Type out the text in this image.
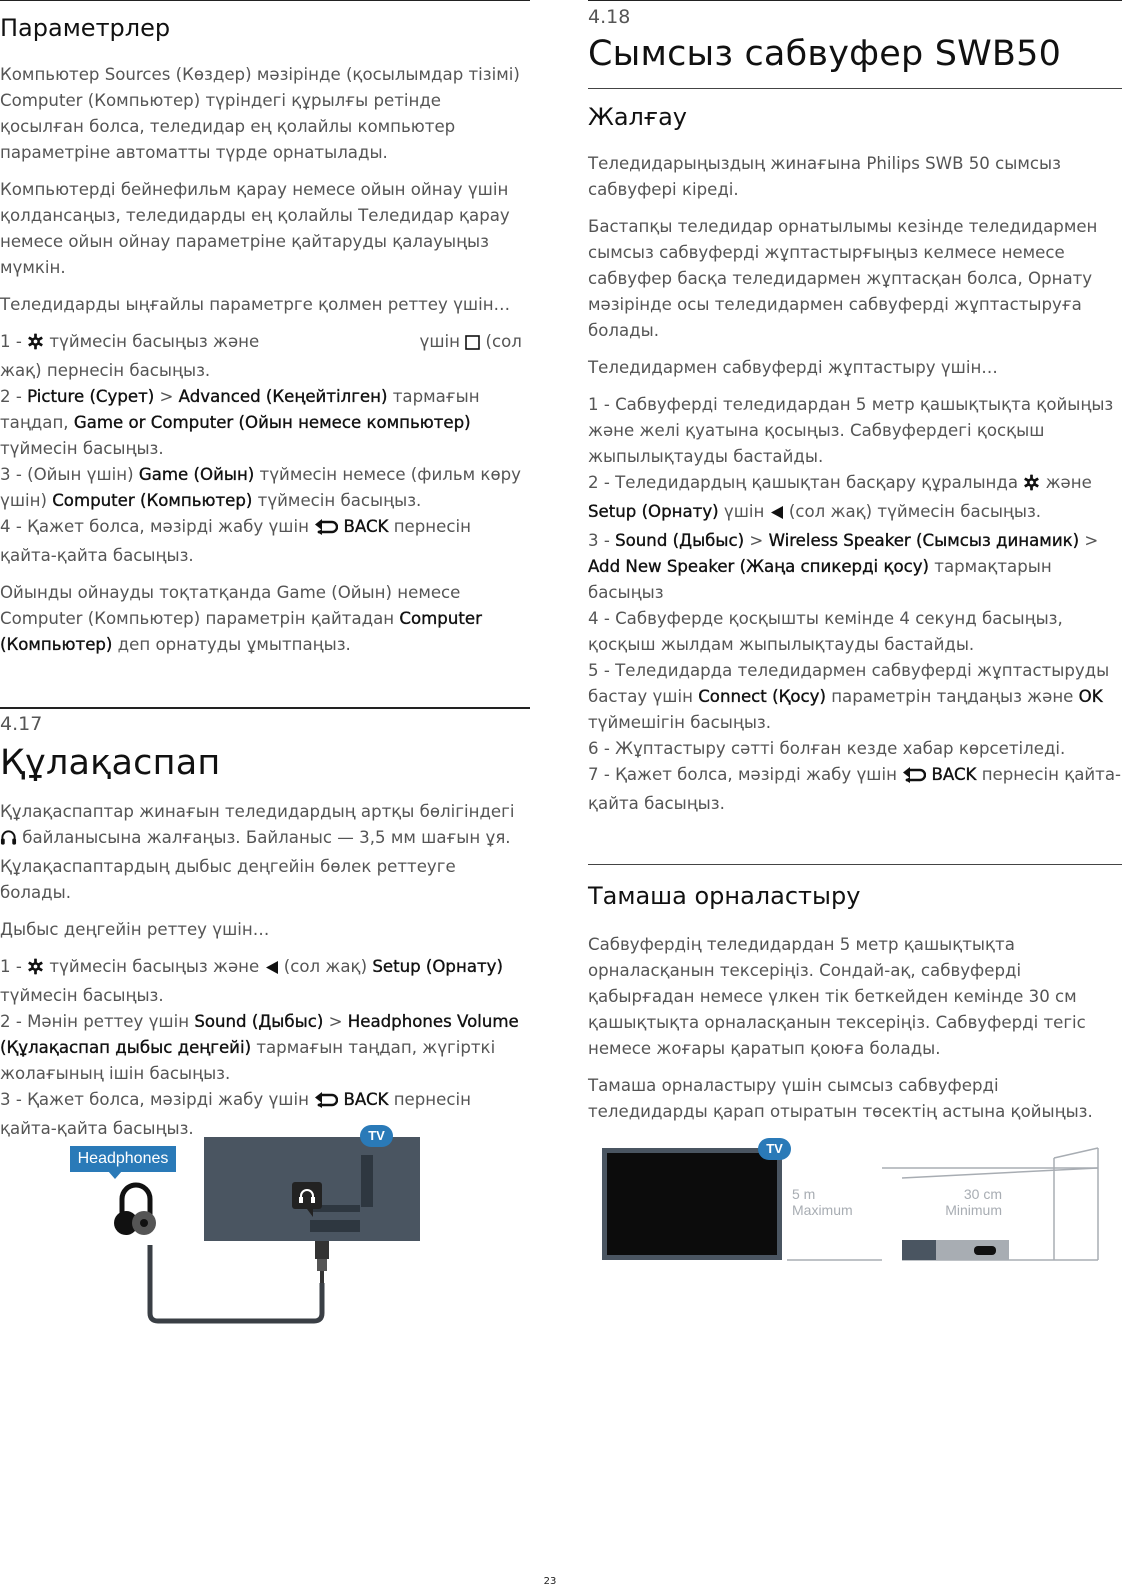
Параметрлер

Компьютер Sources (Көздер) мәзірінде (қосылымдар тізімі) Computer (Компьютер) түріндегі құрылғы ретінде қосылған болса, теледидар ең қолайлы компьютер параметріне автоматты түрде орнатылады.

Компьютерді бейнефильм қарау немесе ойын ойнау үшін қолдансаңыз, теледидарды ең қолайлы Теледидар қарау немесе ойын ойнау параметріне қайтаруды қалауыңыз мүмкін.

Теледидарды ыңғайлы параметрге қолмен реттеу үшін…

1 -  түймесін басыңыз және	үшін  (сол жақ) пернесін басыңыз.

2 - Picture (Сурет) > Advanced (Кеңейтілген) тармағын таңдап, Game or Computer (Ойын немесе компьютер) түймесін басыңыз.

3 - (Ойын үшін) Game (Ойын) түймесін немесе (фильм көру үшін) Computer (Компьютер) түймесін басыңыз.

4 - Қажет болса, мәзірді жабу үшін  BACK пернесін қайта-қайта басыңыз.

Ойынды ойнауды тоқтатқанда Game (Ойын) немесе Computer (Компьютер) параметрін қайтадан Computer (Компьютер) деп орнатуды ұмытпаңыз.

4.17
Құлақаспап

Құлақаспаптар жинағын теледидардың артқы бөлігіндегі  байланысына жалғаңыз. Байланыс — 3,5 мм шағын ұя. Құлақаспаптардың дыбыс деңгейін бөлек реттеуге болады.

Дыбыс деңгейін реттеу үшін…

1 -  түймесін басыңыз және  (сол жақ) Setup (Орнату) түймесін басыңыз.

2 - Мәнін реттеу үшін Sound (Дыбыс) > Headphones Volume (Құлақаспап дыбыс деңгейі) тармағын таңдап, жүгірткі жолағының ішін басыңыз.

3 - Қажет болса, мәзірді жабу үшін  BACK пернесін қайта-қайта басыңыз.	TV
Headphones
4.18
Сымсыз сабвуфер SWB50
Жалғау

Теледидарыңыздың жинағына Philips SWB 50 сымсыз сабвуфері кіреді.

Бастапқы теледидар орнатылымы кезінде теледидармен сымсыз сабвуферді жұптастырғыңыз келмесе немесе сабвуфер басқа теледидармен жұптасқан болса, Орнату мәзірінде осы теледидармен сабвуферді жұптастыруға болады.

Теледидармен сабвуферді жұптастыру үшін…

1 - Сабвуферді теледидардан 5 метр қашықтықта қойыңыз және желі қуатына қосыңыз. Сабвуфердегі қосқыш жыпылықтауды бастайды.

2 - Теледидардың қашықтан басқару құралында  және Setup (Орнату) үшін  (сол жақ) түймесін басыңыз.

3 - Sound (Дыбыс) > Wireless Speaker (Сымсыз динамик) > Add New Speaker (Жаңа спикерді қосу) тармақтарын басыңыз

4 - Сабвуферде қосқышты кемінде 4 секунд басыңыз, қосқыш жылдам жыпылықтауды бастайды.

5 - Теледидарда теледидармен сабвуферді жұптастыруды бастау үшін Connect (Қосу) параметрін таңдаңыз және OK түймешігін басыңыз.

6 - Жұптастыру сәтті болған кезде хабар көрсетіледі.

7 - Қажет болса, мәзірді жабу үшін  BACK пернесін қайта-қайта басыңыз.

Тамаша орналастыру

Сабвуфердің теледидардан 5 метр қашықтықта орналасқанын тексеріңіз. Сондай-ақ, сабвуферді қабырғадан немесе үлкен тік беткейден кемінде 30 см қашықтықта орналасқанын тексеріңіз. Сабвуферді тегіс немесе жоғары қаратып қоюға болады.

Тамаша орналастыру үшін сымсыз сабвуферді теледидарды қарап отыратын төсектің астына қойыңыз.

TV
5 m
Maximum
30 cm
Minimum
23
